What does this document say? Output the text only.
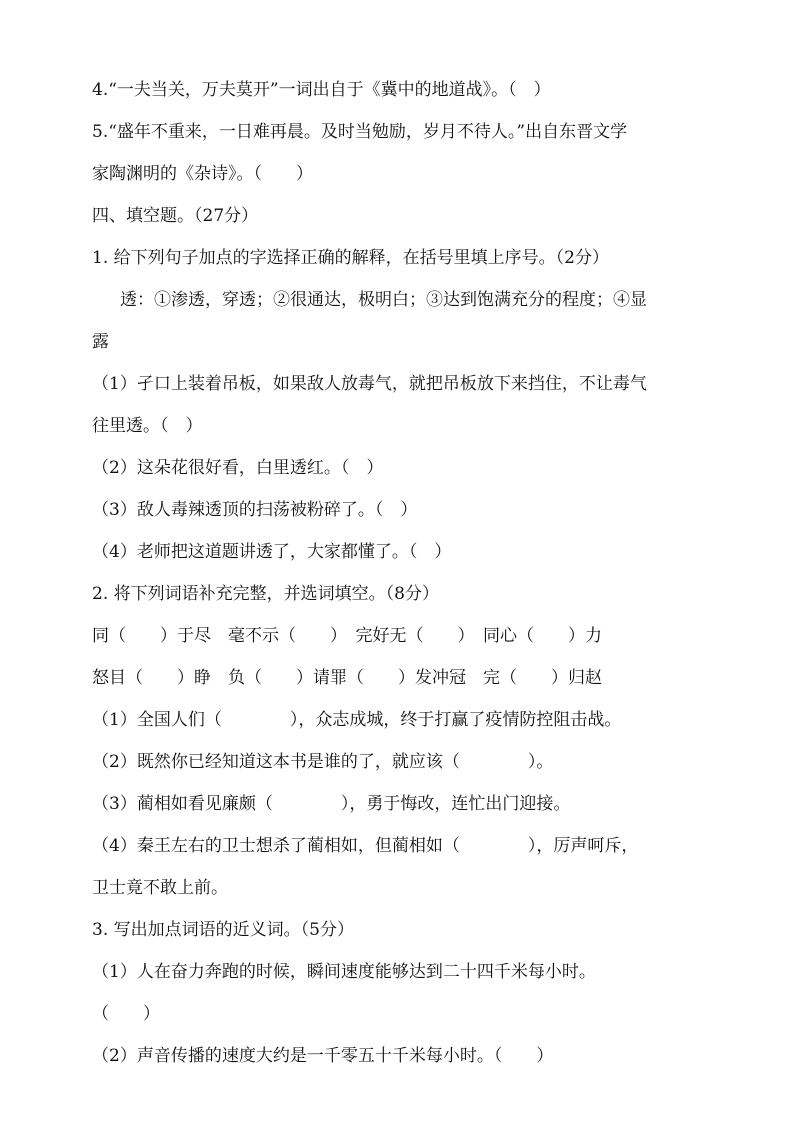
4.“一夫当关，万夫莫开”一词出自于《冀中的地道战》。（　）

5.“盛年不重来，一日难再晨。及时当勉励，岁月不待人。”出自东晋文学

家陶渊明的《杂诗》。（　　）

四、填空题。（27分）

1. 给下列句子加点的字选择正确的解释，在括号里填上序号。（2分）

透：①渗透，穿透；②很通达，极明白；③达到饱满充分的程度；④显

露

（1）孑口上装着吊板，如果敌人放毒气，就把吊板放下来挡住，不让毒气

往里透。（　）

（2）这朵花很好看，白里透红。（　）

（3）敌人毒辣透顶的扫荡被粉碎了。（　）

（4）老师把这道题讲透了，大家都懂了。（　）

2. 将下列词语补充完整，并选词填空。（8分）

同（　　）于尽　毫不示（　　）　完好无（　　）　同心（　　）力

怒目（　　）睁　负（　　）请罪（　　）发冲冠　完（　　）归赵

（1）全国人们（　　　　），众志成城，终于打赢了疫情防控阻击战。

（2）既然你已经知道这本书是谁的了，就应该（　　　　）。

（3）蔺相如看见廉颇（　　　　），勇于悔改，连忙出门迎接。

（4）秦王左右的卫士想杀了蔺相如，但蔺相如（　　　　），厉声呵斥，

卫士竟不敢上前。

3. 写出加点词语的近义词。（5分）

（1）人在奋力奔跑的时候，瞬间速度能够达到二十四千米每小时。

（　　）

（2）声音传播的速度大约是一千零五十千米每小时。（　　）
